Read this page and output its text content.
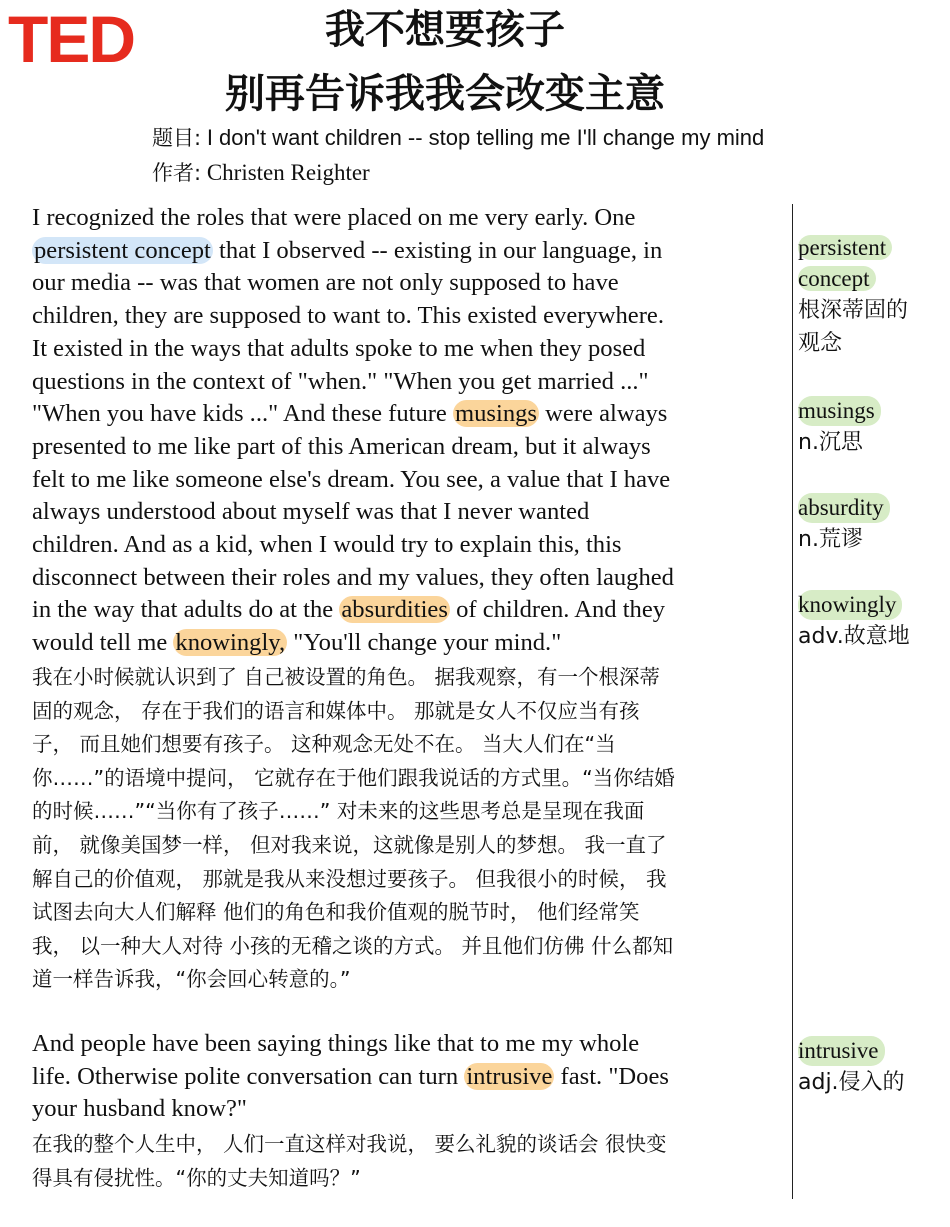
TED	我不想要孩子
别再告诉我我会改变主意
题目: I don't want children -- stop telling me I'll change my mind
作者: Christen Reighter
I recognized the roles that were placed on me very early. One
persistent concept that I observed -- existing in our language, in
our media -- was that women are not only supposed to have
children, they are supposed to want to. This existed everywhere.
It existed in the ways that adults spoke to me when they posed
questions in the context of "when." "When you get married ..."
"When you have kids ..." And these future musings were always
presented to me like part of this American dream, but it always
felt to me like someone else's dream. You see, a value that I have
always understood about myself was that I never wanted
children. And as a kid, when I would try to explain this, this
disconnect between their roles and my values, they often laughed
in the way that adults do at the absurdities of children. And they
would tell me knowingly, "You'll change your mind."
我在小时候就认识到了 自己被设置的角色。 据我观察，有一个根深蒂
固的观念， 存在于我们的语言和媒体中。 那就是女人不仅应当有孩
子， 而且她们想要有孩子。 这种观念无处不在。 当大人们在“当
你……”的语境中提问， 它就存在于他们跟我说话的方式里。“当你结婚
的时候……”“当你有了孩子……” 对未来的这些思考总是呈现在我面
前， 就像美国梦一样， 但对我来说，这就像是别人的梦想。 我一直了
解自己的价值观， 那就是我从来没想过要孩子。 但我很小的时候， 我
试图去向大人们解释 他们的角色和我价值观的脱节时， 他们经常笑
我， 以一种大人对待 小孩的无稽之谈的方式。 并且他们仿佛 什么都知
道一样告诉我，“你会回心转意的。”
And people have been saying things like that to me my whole
life. Otherwise polite conversation can turn intrusive fast. "Does
your husband know?"
在我的整个人生中， 人们一直这样对我说， 要么礼貌的谈话会 很快变
得具有侵扰性。“你的丈夫知道吗？”
persistent
concept
根深蒂固的
观念
musings
n.沉思
absurdity
n.荒谬
knowingly
adv.故意地
intrusive
adj.侵入的
